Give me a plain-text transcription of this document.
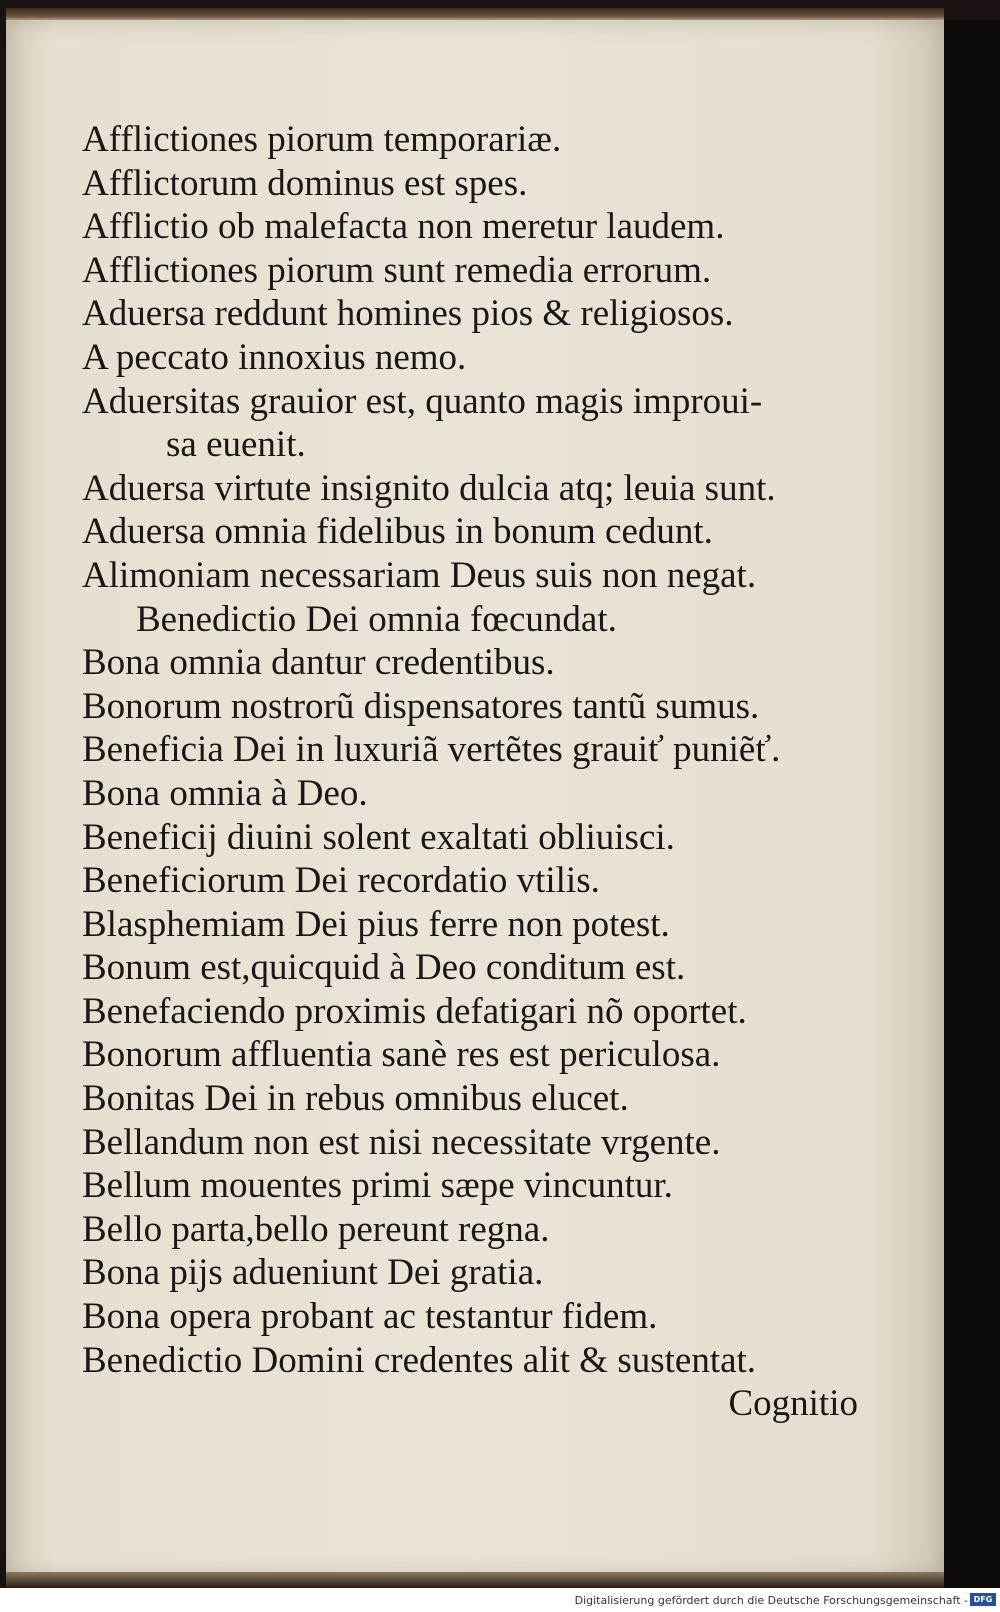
Afflictiones piorum temporariæ.
Afflictorum dominus est spes.
Afflictio ob malefacta non meretur laudem.
Afflictiones piorum sunt remedia errorum.
Aduersa reddunt homines pios & religiosos.
A peccato innoxius nemo.
Aduersitas grauior est, quanto magis improui-
sa euenit.
Aduersa virtute insignito dulcia atq; leuia sunt.
Aduersa omnia fidelibus in bonum cedunt.
Alimoniam necessariam Deus suis non negat.
Benedictio Dei omnia fœcundat.
Bona omnia dantur credentibus.
Bonorum nostrorũ dispensatores tantũ sumus.
Beneficia Dei in luxuriã vertẽtes grauiť puniẽť.
Bona omnia à Deo.
Beneficij diuini solent exaltati obliuisci.
Beneficiorum Dei recordatio vtilis.
Blasphemiam Dei pius ferre non potest.
Bonum est,quicquid à Deo conditum est.
Benefaciendo proximis defatigari nõ oportet.
Bonorum affluentia sanè res est periculosa.
Bonitas Dei in rebus omnibus elucet.
Bellandum non est nisi necessitate vrgente.
Bellum mouentes primi sæpe vincuntur.
Bello parta,bello pereunt regna.
Bona pijs adueniunt Dei gratia.
Bona opera probant ac testantur fidem.
Benedictio Domini credentes alit & sustentat.
Cognitio
Digitalisierung gefördert durch die Deutsche Forschungsgemeinschaft - DFG
